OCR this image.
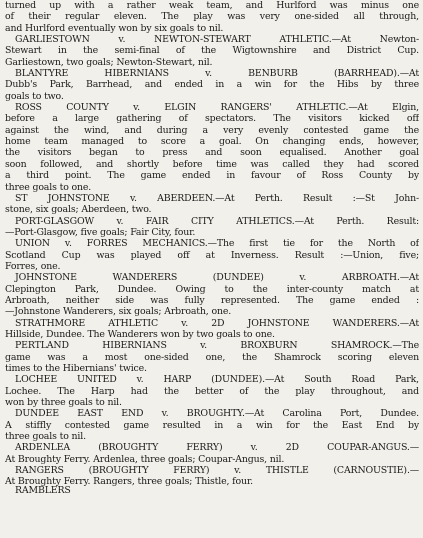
turned up with a rather weak team, and Hurlford was minus one
of their regular eleven. The play was very one-sided all through,
and Hurlford eventually won by six goals to nil.
GARLIESTOWN v. NEWTON-STEWART ATHLETIC.—At Newton-
Stewart in the semi-final of the Wigtownshire and District Cup.
Garliestown, two goals; Newton-Stewart, nil.
BLANTYRE HIBERNIANS v. BENBURB (BARRHEAD).—At
Dubb's Park, Barrhead, and ended in a win for the Hibs by three
goals to two.
ROSS COUNTY v. ELGIN RANGERS' ATHLETIC.—At Elgin,
before a large gathering of spectators. The visitors kicked off
against the wind, and during a very evenly contested game the
home team managed to score a goal. On changing ends, however,
the visitors began to press and soon equalised. Another goal
soon followed, and shortly before time was called they had scored
a third point. The game ended in favour of Ross County by
three goals to one.
ST JOHNSTONE v. ABERDEEN.—At Perth. Result :—St John-
stone, six goals; Aberdeen, two.
PORT-GLASGOW v. FAIR CITY ATHLETICS.—At Perth. Result:
—Port-Glasgow, five goals; Fair City, four.
UNION v. FORRES MECHANICS.—The first tie for the North of
Scotland Cup was played off at Inverness. Result :—Union, five;
Forres, one.
JOHNSTONE WANDERERS (DUNDEE) v. ARBROATH.—At
Clepington Park, Dundee. Owing to the inter-county match at
Arbroath, neither side was fully represented. The game ended :
—Johnstone Wanderers, six goals; Arbroath, one.
STRATHMORE ATHLETIC v. 2D JOHNSTONE WANDERERS.—At
Hillside, Dundee. The Wanderers won by two goals to one.
PERTLAND HIBERNIANS v. BROXBURN SHAMROCK.—The
game was a most one-sided one, the Shamrock scoring eleven
times to the Hibernians' twice.
LOCHEE UNITED v. HARP (DUNDEE).—At South Road Park,
Lochee. The Harp had the better of the play throughout, and
won by three goals to nil.
DUNDEE EAST END v. BROUGHTY.—At Carolina Port, Dundee.
A stiffly contested game resulted in a win for the East End by
three goals to nil.
ARDENLEA (BROUGHTY FERRY) v. 2D COUPAR-ANGUS.—
At Broughty Ferry. Ardenlea, three goals; Coupar-Angus, nil.
RANGERS (BROUGHTY FERRY) v. THISTLE (CARNOUSTIE).—
At Broughty Ferry. Rangers, three goals; Thistle, four.
RAMBLERS
